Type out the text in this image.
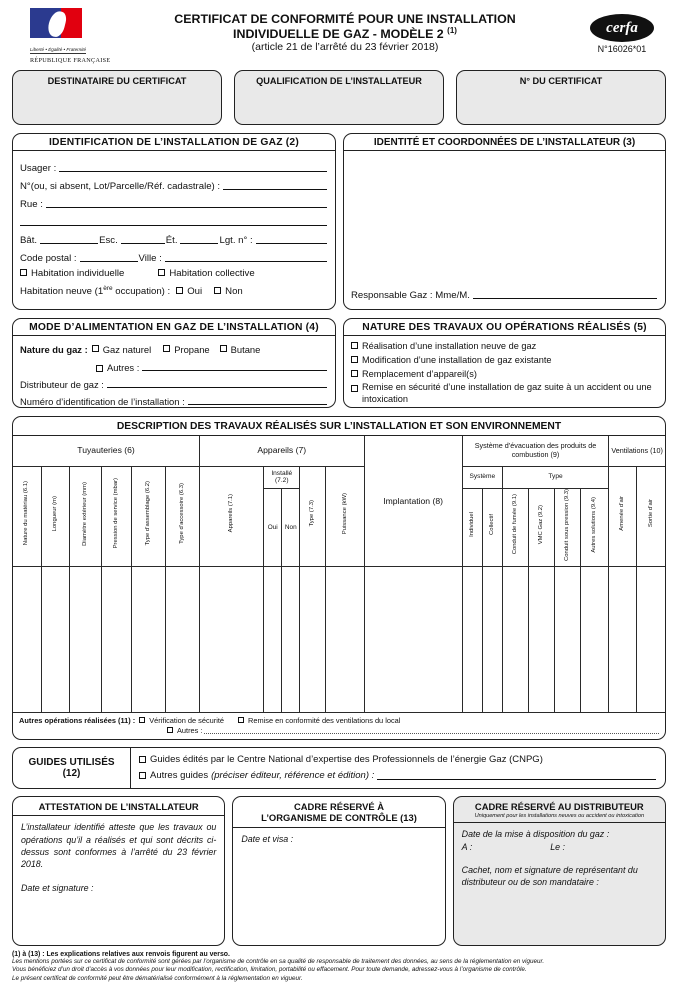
Liberté • Égalité • Fraternité
RÉPUBLIQUE FRANÇAISE
CERTIFICAT DE CONFORMITÉ POUR UNE INSTALLATION
INDIVIDUELLE DE GAZ - MODÈLE 2 $^{(1)}$
(article 21 de l’arrêté du 23 février 2018)
cerfa
N°16026*01
DESTINATAIRE DU CERTIFICAT	QUALIFICATION DE L’INSTALLATEUR	N° DU CERTIFICAT
IDENTIFICATION DE L’INSTALLATION DE GAZ (2)
Usager :
N°(ou, si absent, Lot/Parcelle/Réf. cadastrale) :
Rue :
Bât.	Esc.	Ét.	Lgt. n° :
Code postal :	Ville :
Habitation individuelle	Habitation collective
Habitation neuve (1ère occupation) : Oui Non
IDENTITÉ ET COORDONNÉES DE L’INSTALLATEUR (3)
Responsable Gaz : Mme/M.
MODE D’ALIMENTATION EN GAZ DE L’INSTALLATION (4)
Nature du gaz : Gaz naturel Propane Butane
Autres :
Distributeur de gaz :
Numéro d’identification de l’installation :
NATURE DES TRAVAUX OU OPÉRATIONS RÉALISÉS (5)
Réalisation d’une installation neuve de gaz
Modification d’une installation de gaz existante
Remplacement d’appareil(s)
Remise en sécurité d’une installation de gaz suite à un accident ou une intoxication
DESCRIPTION DES TRAVAUX RÉALISÉS SUR L’INSTALLATION ET SON ENVIRONNEMENT
Tuyauteries (6)						Appareils (7)					Implantation (8)	Système d’évacuation des produits de combustion (9)						Ventilations (10)	
Nature du matériau (6.1)	Longueur (m)	Diamètre extérieur (mm)	Pression de service (mbar)	Type d’assemblage (6.2)	Type d’accessoire (6.3)	Appareils (7.1)	Installé (7.2)		Type (7.3)	Puissance (kW)		Système		Type				Amenée d’air	Sortie d’air
							Oui	Non				Individuel	Collectif	Conduit de fumée (9.1)	VMC Gaz (9.2)	Conduit sous pression (9.3)	Autres solutions (9.4)		

Autres opérations réalisées (11) : Vérification de sécurité	Remise en conformité des ventilations du local
Autres :
GUIDES UTILISÉS
(12)
Guides édités par le Centre National d’expertise des Professionnels de l’énergie Gaz (CNPG)
Autres guides (préciser éditeur, référence et édition) :
ATTESTATION DE L’INSTALLATEUR
L’installateur identifié atteste que les travaux ou opérations qu’il a réalisés et qui sont décrits ci-dessus sont conformes à l’arrêté du 23 février 2018.
Date et signature :
CADRE RÉSERVÉ À
L’ORGANISME DE CONTRÔLE (13)
Date et visa :
CADRE RÉSERVÉ AU DISTRIBUTEUR
Uniquement pour les installations neuves ou accident ou intoxication
Date de la mise à disposition du gaz :
A :	Le :
Cachet, nom et signature de représentant du distributeur ou de son mandataire :
(1) à (13) : Les explications relatives aux renvois figurent au verso.
Les mentions portées sur ce certificat de conformité sont gérées par l’organisme de contrôle en sa qualité de responsable de traitement des données, au sens de la réglementation en vigueur.
Vous bénéficiez d’un droit d’accès à vos données pour leur modification, rectification, limitation, portabilité ou effacement. Pour toute demande, adressez-vous à l’organisme de contrôle.
Le présent certificat de conformité peut être dématérialisé conformément à la réglementation en vigueur.
